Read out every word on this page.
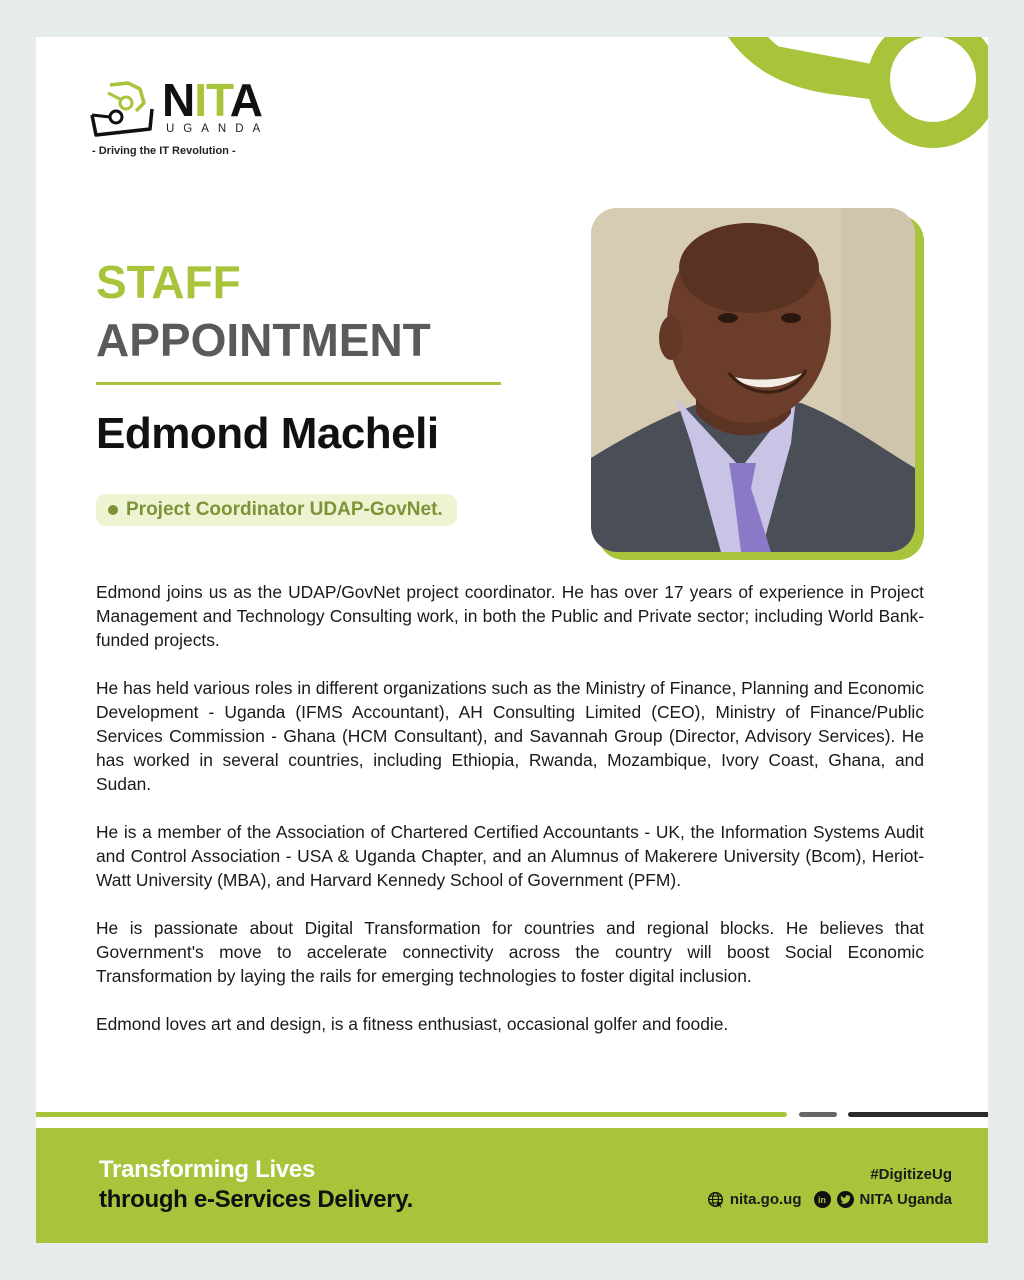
NITA
UGANDA
- Driving the IT Revolution -
STAFF
APPOINTMENT
Edmond Macheli
Project Coordinator UDAP-GovNet.

Edmond joins us as the UDAP/GovNet project coordinator. He has over 17 years of experience in Project Management and Technology Consulting work, in both the Public and Private sector; including World Bank-funded projects.

He has held various roles in different organizations such as the Ministry of Finance, Planning and Economic Development - Uganda (IFMS Accountant), AH Consulting Limited (CEO), Ministry of Finance/Public Services Commission - Ghana (HCM Consultant), and Savannah Group (Director, Advisory Services). He has worked in several countries, including Ethiopia, Rwanda, Mozambique, Ivory Coast, Ghana, and Sudan.

He is a member of the Association of Chartered Certified Accountants - UK, the Information Systems Audit and Control Association - USA & Uganda Chapter, and an Alumnus of Makerere University (Bcom), Heriot-Watt University (MBA), and Harvard Kennedy School of Government (PFM).

He is passionate about Digital Transformation for countries and regional blocks. He believes that Government's move to accelerate connectivity across the country will boost Social Economic Transformation by laying the rails for emerging technologies to foster digital inclusion.

Edmond loves art and design, is a fitness enthusiast, occasional golfer and foodie.

Transforming Lives
through e-Services Delivery.
#DigitizeUg
nita.go.ug	in	NITA Uganda
